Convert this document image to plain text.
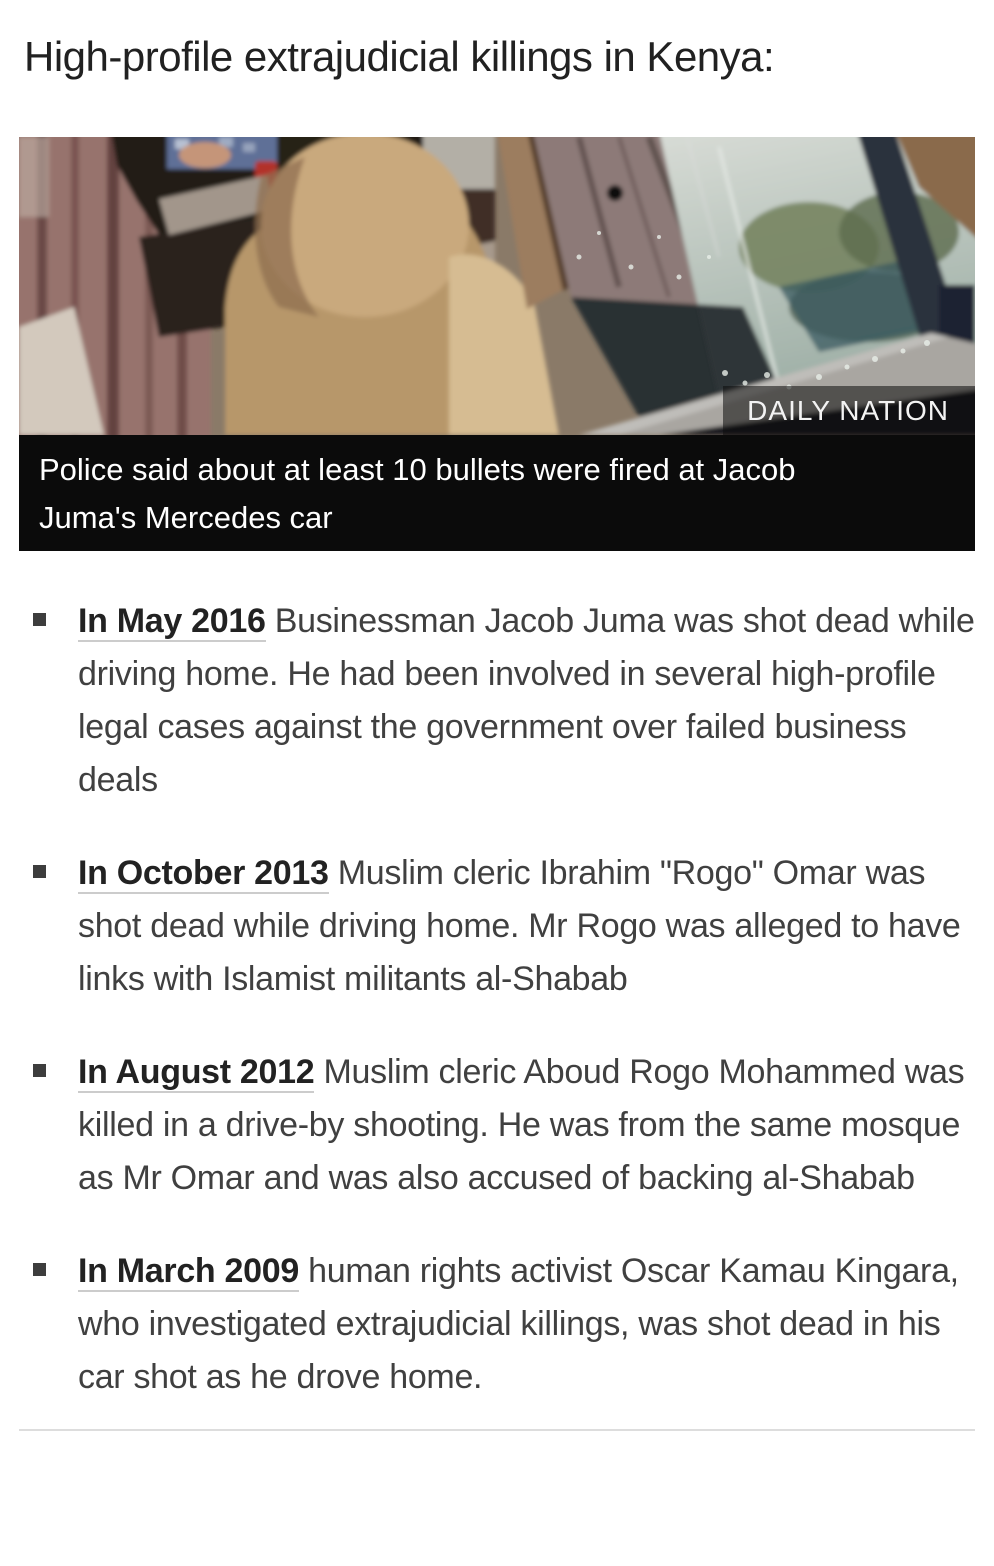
High-profile extrajudicial killings in Kenya:
DAILY NATION
Police said about at least 10 bullets were fired at Jacob Juma's Mercedes car
In May 2016 Businessman Jacob Juma was shot dead while driving home. He had been involved in several high-profile legal cases against the government over failed business deals
In October 2013 Muslim cleric Ibrahim "Rogo" Omar was shot dead while driving home. Mr Rogo was alleged to have links with Islamist militants al-Shabab
In August 2012 Muslim cleric Aboud Rogo Mohammed was killed in a drive-by shooting. He was from the same mosque as Mr Omar and was also accused of backing al-Shabab
In March 2009 human rights activist Oscar Kamau Kingara, who investigated extrajudicial killings, was shot dead in his car shot as he drove home.
